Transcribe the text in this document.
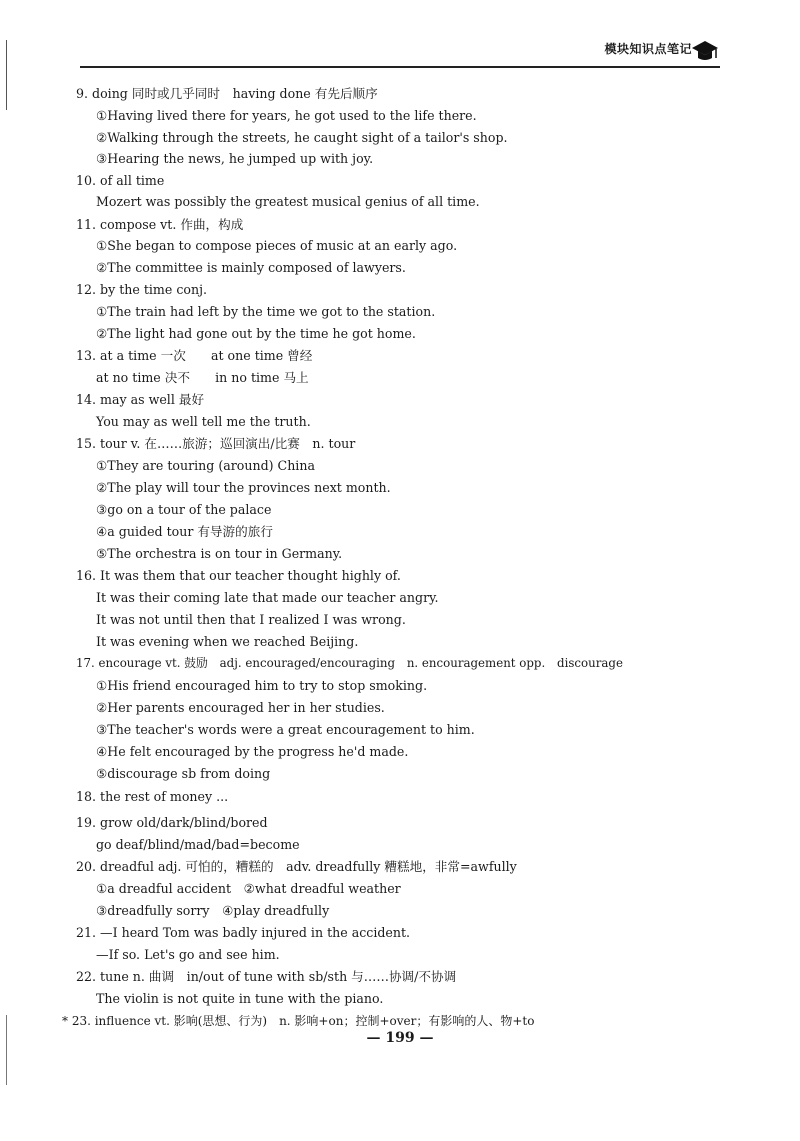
模块知识点笔记
9. doing 同时或几乎同时　having done 有先后顺序
①Having lived there for years, he got used to the life there.
②Walking through the streets, he caught sight of a tailor's shop.
③Hearing the news, he jumped up with joy.
10. of all time
Mozert was possibly the greatest musical genius of all time.
11. compose vt. 作曲，构成
①She began to compose pieces of music at an early ago.
②The committee is mainly composed of lawyers.
12. by the time conj.
①The train had left by the time we got to the station.
②The light had gone out by the time he got home.
13. at a time 一次　　at one time 曾经
at no time 决不　　in no time 马上
14. may as well 最好
You may as well tell me the truth.
15. tour v. 在……旅游；巡回演出/比赛　n. tour
①They are touring (around) China
②The play will tour the provinces next month.
③go on a tour of the palace
④a guided tour 有导游的旅行
⑤The orchestra is on tour in Germany.
16. It was them that our teacher thought highly of.
It was their coming late that made our teacher angry.
It was not until then that I realized I was wrong.
It was evening when we reached Beijing.
17. encourage vt. 鼓励　adj. encouraged/encouraging　n. encouragement opp.　discourage
①His friend encouraged him to try to stop smoking.
②Her parents encouraged her in her studies.
③The teacher's words were a great encouragement to him.
④He felt encouraged by the progress he'd made.
⑤discourage sb from doing
18. the rest of money ...
19. grow old/dark/blind/bored
go deaf/blind/mad/bad=become
20. dreadful adj. 可怕的，糟糕的　adv. dreadfully 糟糕地，非常=awfully
①a dreadful accident　②what dreadful weather
③dreadfully sorry　④play dreadfully
21. —I heard Tom was badly injured in the accident.
—If so. Let's go and see him.
22. tune n. 曲调　in/out of tune with sb/sth 与……协调/不协调
The violin is not quite in tune with the piano.
* 23. influence vt. 影响(思想、行为)　n. 影响+on；控制+over；有影响的人、物+to
— 199 —
